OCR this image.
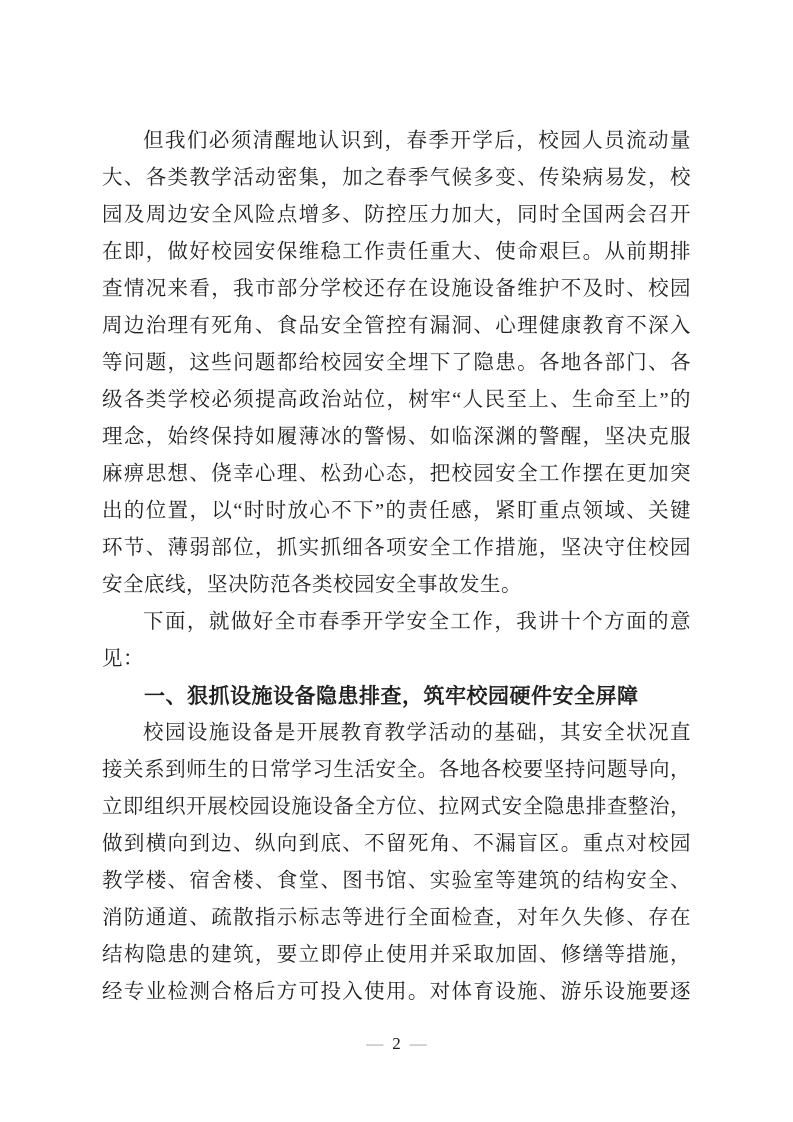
但我们必须清醒地认识到，春季开学后，校园人员流动量
大、各类教学活动密集，加之春季气候多变、传染病易发，校
园及周边安全风险点增多、防控压力加大，同时全国两会召开
在即，做好校园安保维稳工作责任重大、使命艰巨。从前期排
查情况来看，我市部分学校还存在设施设备维护不及时、校园
周边治理有死角、食品安全管控有漏洞、心理健康教育不深入
等问题，这些问题都给校园安全埋下了隐患。各地各部门、各
级各类学校必须提高政治站位，树牢“人民至上、生命至上”的
理念，始终保持如履薄冰的警惕、如临深渊的警醒，坚决克服
麻痹思想、侥幸心理、松劲心态，把校园安全工作摆在更加突
出的位置，以“时时放心不下”的责任感，紧盯重点领域、关键
环节、薄弱部位，抓实抓细各项安全工作措施，坚决守住校园
安全底线，坚决防范各类校园安全事故发生。
下面，就做好全市春季开学安全工作，我讲十个方面的意
见：
一、狠抓设施设备隐患排查，筑牢校园硬件安全屏障
校园设施设备是开展教育教学活动的基础，其安全状况直
接关系到师生的日常学习生活安全。各地各校要坚持问题导向，
立即组织开展校园设施设备全方位、拉网式安全隐患排查整治，
做到横向到边、纵向到底、不留死角、不漏盲区。重点对校园
教学楼、宿舍楼、食堂、图书馆、实验室等建筑的结构安全、
消防通道、疏散指示标志等进行全面检查，对年久失修、存在
结构隐患的建筑，要立即停止使用并采取加固、修缮等措施，
经专业检测合格后方可投入使用。对体育设施、游乐设施要逐
— 2 —
